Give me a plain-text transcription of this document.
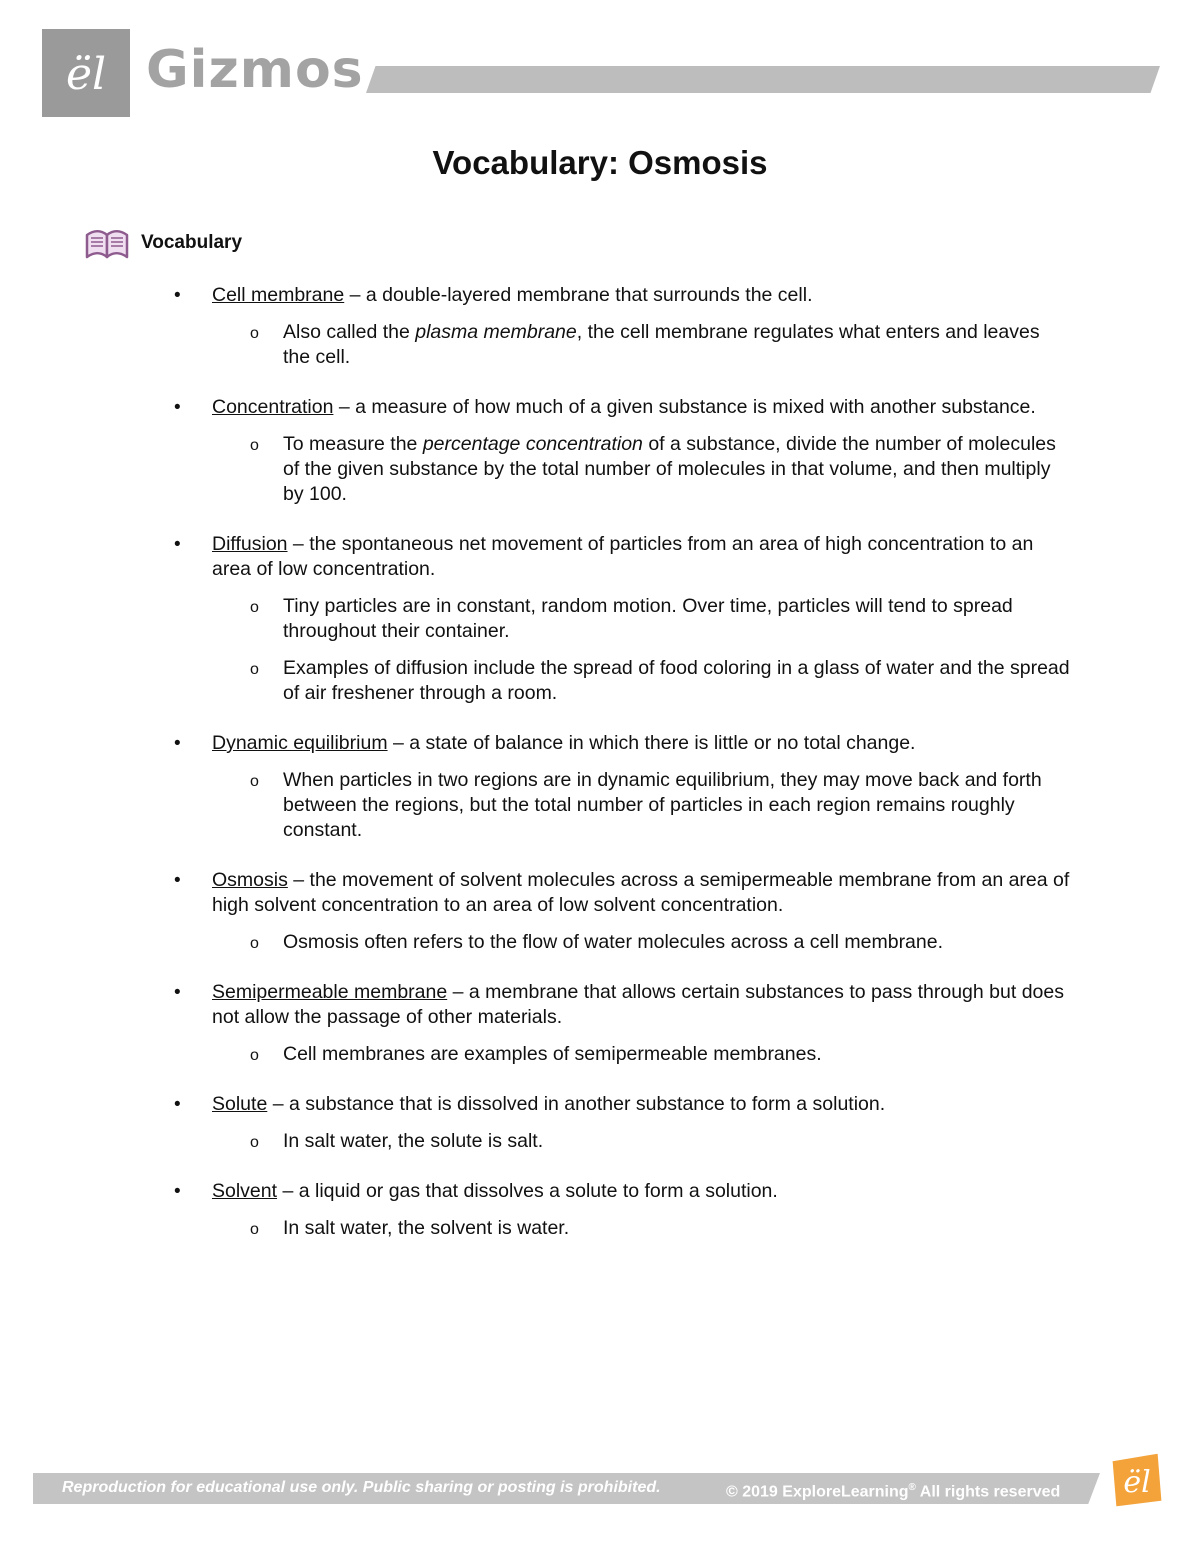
ël Gizmos
Vocabulary: Osmosis
Vocabulary
• Cell membrane – a double-layered membrane that surrounds the cell.
o Also called the plasma membrane, the cell membrane regulates what enters and leaves the cell.
• Concentration – a measure of how much of a given substance is mixed with another substance.
o To measure the percentage concentration of a substance, divide the number of molecules of the given substance by the total number of molecules in that volume, and then multiply by 100.
• Diffusion – the spontaneous net movement of particles from an area of high concentration to an area of low concentration.
o Tiny particles are in constant, random motion. Over time, particles will tend to spread throughout their container.
o Examples of diffusion include the spread of food coloring in a glass of water and the spread of air freshener through a room.
• Dynamic equilibrium – a state of balance in which there is little or no total change.
o When particles in two regions are in dynamic equilibrium, they may move back and forth between the regions, but the total number of particles in each region remains roughly constant.
• Osmosis – the movement of solvent molecules across a semipermeable membrane from an area of high solvent concentration to an area of low solvent concentration.
o Osmosis often refers to the flow of water molecules across a cell membrane.
• Semipermeable membrane – a membrane that allows certain substances to pass through but does not allow the passage of other materials.
o Cell membranes are examples of semipermeable membranes.
• Solute – a substance that is dissolved in another substance to form a solution.
o In salt water, the solute is salt.
• Solvent – a liquid or gas that dissolves a solute to form a solution.
o In salt water, the solvent is water.
Reproduction for educational use only. Public sharing or posting is prohibited.	© 2019 ExploreLearning® All rights reserved ël
